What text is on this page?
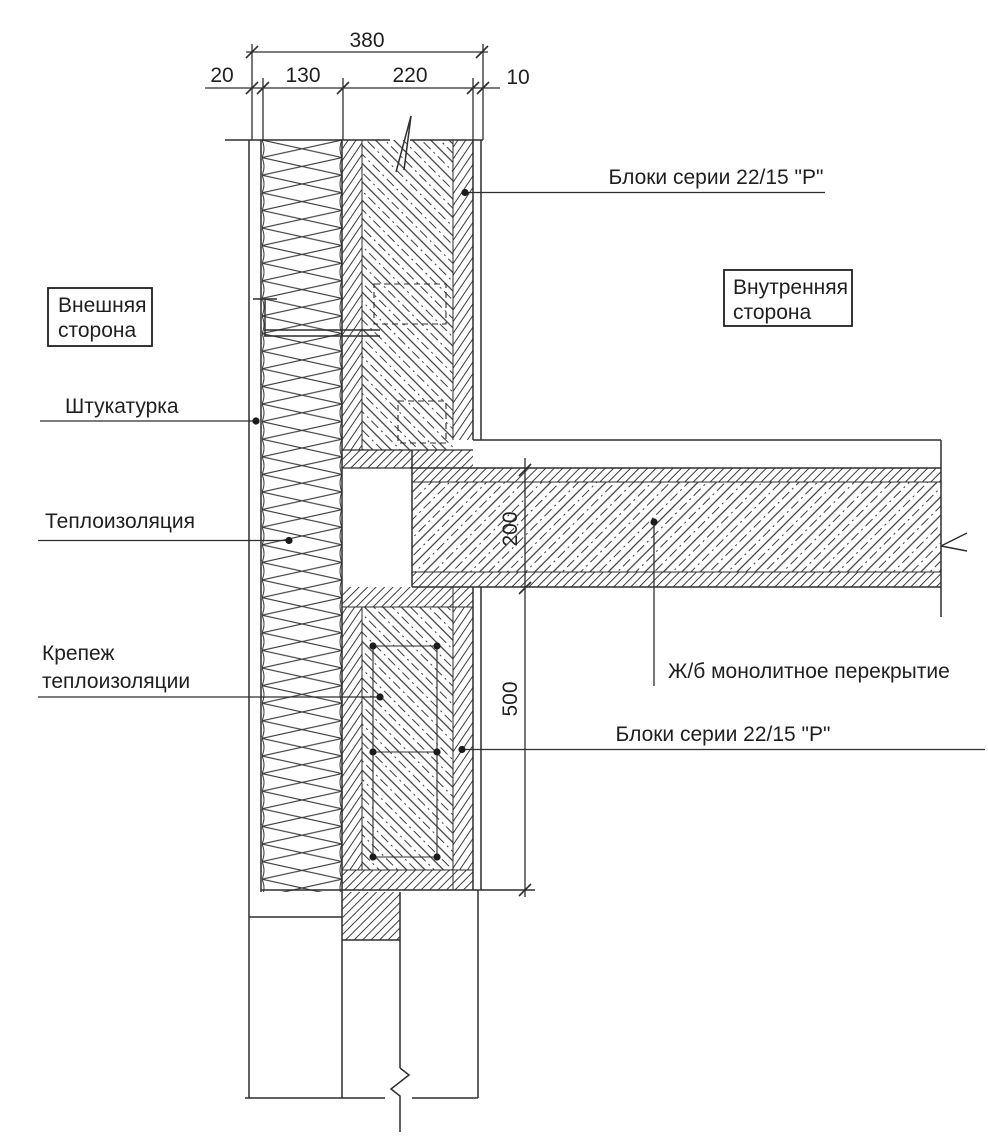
380
20 130	220	10
200
500
Блоки серии 22/15 "Р"
Внешняя
сторона
Внутренняя
сторона
Штукатурка
Теплоизоляция
Крепеж
теплоизоляции	Ж/б монолитное перекрытие
Блоки серии 22/15 "Р"
